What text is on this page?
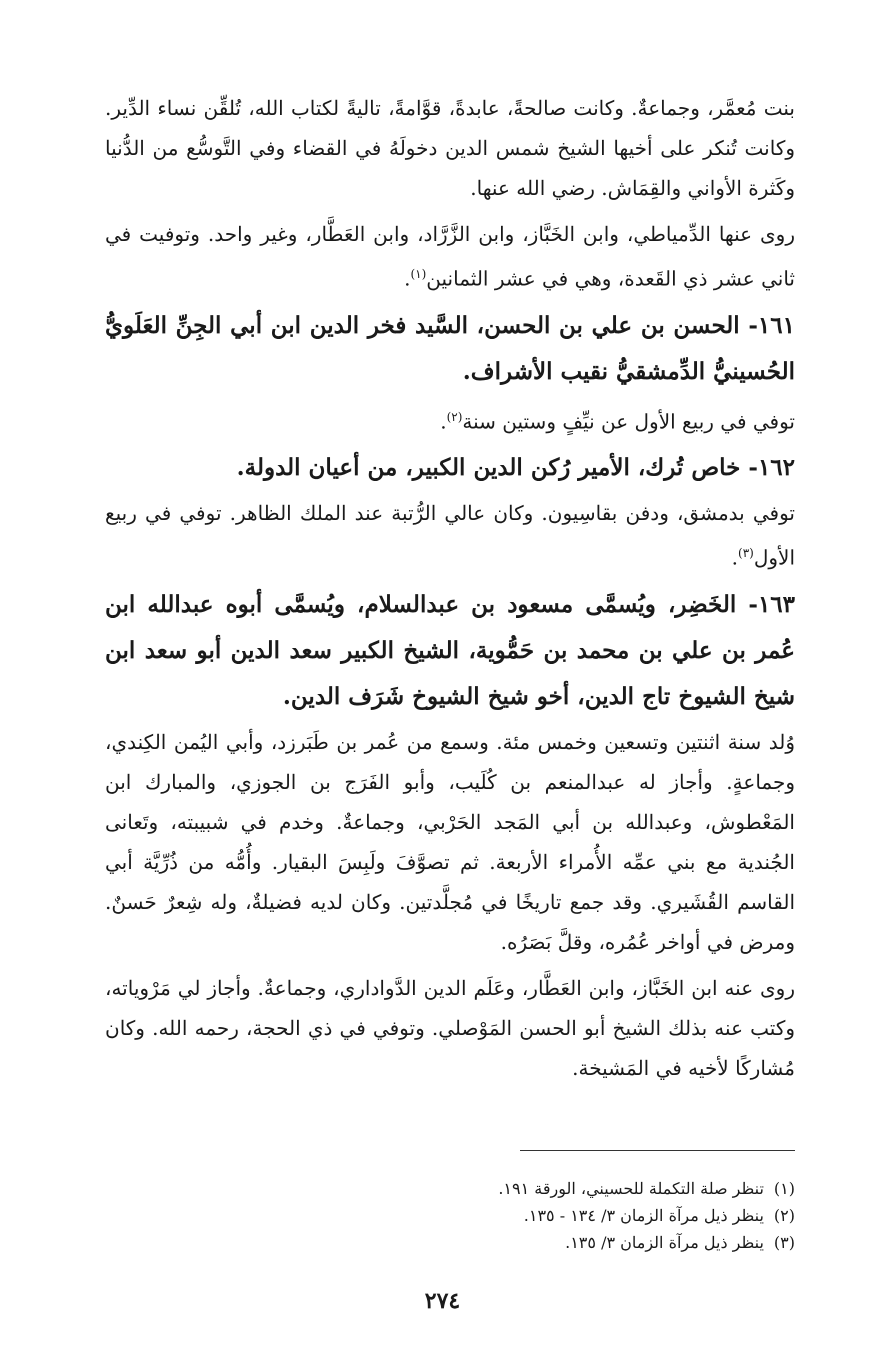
بنت مُعمَّر، وجماعةٌ. وكانت صالحةً، عابدةً، قوَّامةً، تاليةً لكتاب الله، تُلقِّن نساء الدِّير. وكانت تُنكر على أخيها الشيخ شمس الدين دخولَهُ في القضاء وفي التَّوسُّع من الدُّنيا وكَثرة الأواني والقِمَاش. رضي الله عنها.

روى عنها الدِّمياطي، وابن الخَبَّاز، وابن الزَّرَّاد، وابن العَطَّار، وغير واحد. وتوفيت في ثاني عشر ذي القَعدة، وهي في عشر الثمانين$^{(١)}$.

١٦١- الحسن بن علي بن الحسن، السَّيد فخر الدين ابن أبي الجِنِّ العَلَويُّ الحُسينيُّ الدِّمشقيُّ نقيب الأشراف.

توفي في ربيع الأول عن نيِّفٍ وستين سنة$^{(٢)}$.

١٦٢- خاص تُرك، الأمير رُكن الدين الكبير، من أعيان الدولة.

توفي بدمشق، ودفن بقاسِيون. وكان عالي الرُّتبة عند الملك الظاهر. توفي في ربيع الأول$^{(٣)}$.

١٦٣- الخَضِر، ويُسمَّى مسعود بن عبدالسلام، ويُسمَّى أبوه عبدالله ابن عُمر بن علي بن محمد بن حَمُّوية، الشيخ الكبير سعد الدين أبو سعد ابن شيخ الشيوخ تاج الدين، أخو شيخ الشيوخ شَرَف الدين.

وُلد سنة اثنتين وتسعين وخمس مئة. وسمع من عُمر بن طَبَرزد، وأبي اليُمن الكِندي، وجماعةٍ. وأجاز له عبدالمنعم بن كُلَيب، وأبو الفَرَج بن الجوزي، والمبارك ابن المَعْطوش، وعبدالله بن أبي المَجد الحَرْبي، وجماعةٌ. وخدم في شبيبته، وتَعانى الجُندية مع بني عمِّه الأُمراء الأربعة. ثم تصوَّفَ ولَبِسَ البقيار. وأُمُّه من ذُرِّيَّة أبي القاسم القُشَيري. وقد جمع تاريخًا في مُجلَّدتين. وكان لديه فضيلةٌ، وله شِعرٌ حَسنٌ. ومرض في أواخر عُمُره، وقلَّ بَصَرُه.

روى عنه ابن الخَبَّاز، وابن العَطَّار، وعَلَم الدين الدَّواداري، وجماعةٌ. وأجاز لي مَرْوياته، وكتب عنه بذلك الشيخ أبو الحسن المَوْصلي. وتوفي في ذي الحجة، رحمه الله. وكان مُشاركًا لأخيه في المَشيخة.

(١)تنظر صلة التكملة للحسيني، الورقة ١٩١.
(٢)ينظر ذيل مرآة الزمان ٣/ ١٣٤ - ١٣٥.
(٣)ينظر ذيل مرآة الزمان ٣/ ١٣٥.
٢٧٤
